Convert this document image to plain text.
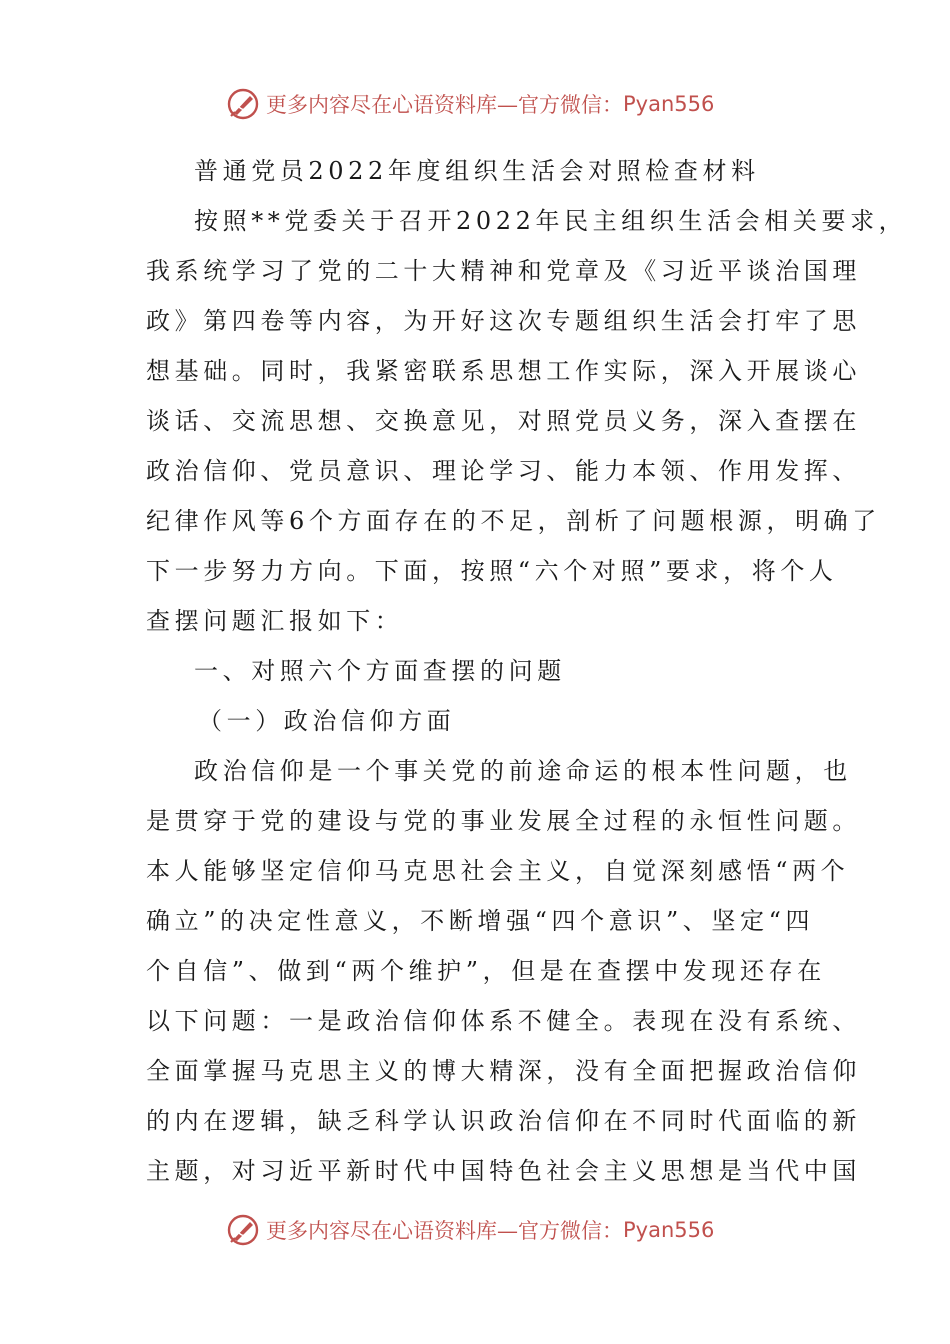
更多内容尽在心语资料库—官方微信： Pyan556
普通党员2022年度组织生活会对照检查材料
按照**党委关于召开2022年民主组织生活会相关要求，
我系统学习了党的二十大精神和党章及《习近平谈治国理
政》第四卷等内容，为开好这次专题组织生活会打牢了思
想基础。同时，我紧密联系思想工作实际，深入开展谈心
谈话、交流思想、交换意见，对照党员义务，深入查摆在
政治信仰、党员意识、理论学习、能力本领、作用发挥、
纪律作风等6个方面存在的不足，剖析了问题根源，明确了
下一步努力方向。下面，按照“六个对照”要求，将个人
查摆问题汇报如下：
一、对照六个方面查摆的问题
（一）政治信仰方面
政治信仰是一个事关党的前途命运的根本性问题，也
是贯穿于党的建设与党的事业发展全过程的永恒性问题。
本人能够坚定信仰马克思社会主义，自觉深刻感悟“两个
确立”的决定性意义，不断增强“四个意识”、坚定“四
个自信”、做到“两个维护”，但是在查摆中发现还存在
以下问题：一是政治信仰体系不健全。表现在没有系统、
全面掌握马克思主义的博大精深，没有全面把握政治信仰
的内在逻辑，缺乏科学认识政治信仰在不同时代面临的新
主题，对习近平新时代中国特色社会主义思想是当代中国
更多内容尽在心语资料库—官方微信： Pyan556
